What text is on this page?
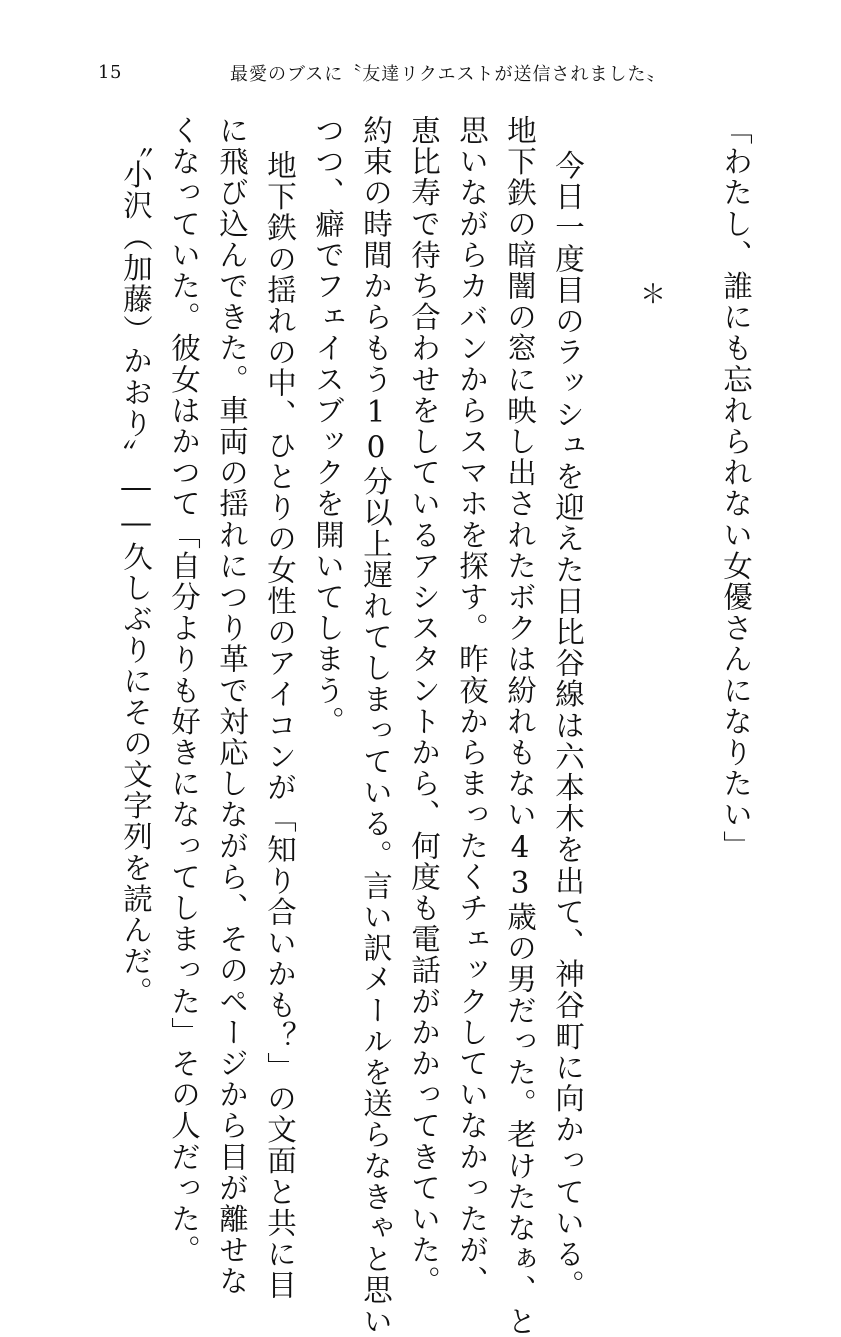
15	最愛のブスに〝友達リクエストが送信されました〟
＊ 「わたし、誰にも忘れられない女優さんになりたい」
今日一度目のラッシュを迎えた日比谷線は六本木を出て、神谷町に向かっている。
地下鉄の暗闇の窓に映し出されたボクは紛れもない43歳の男だった。老けたなぁ、と
思いながらカバンからスマホを探す。昨夜からまったくチェックしていなかったが、
恵比寿で待ち合わせをしているアシスタントから、何度も電話がかかってきていた。
約束の時間からもう10分以上遅れてしまっている。言い訳メールを送らなきゃと思い
つつ、癖でフェイスブックを開いてしまう。
地下鉄の揺れの中、ひとりの女性のアイコンが「知り合いかも？」の文面と共に目
に飛び込んできた。車両の揺れにつり革で対応しながら、そのページから目が離せな
くなっていた。彼女はかつて「自分よりも好きになってしまった」その人だった。
〝小沢（加藤）かおり〟――久しぶりにその文字列を読んだ。
